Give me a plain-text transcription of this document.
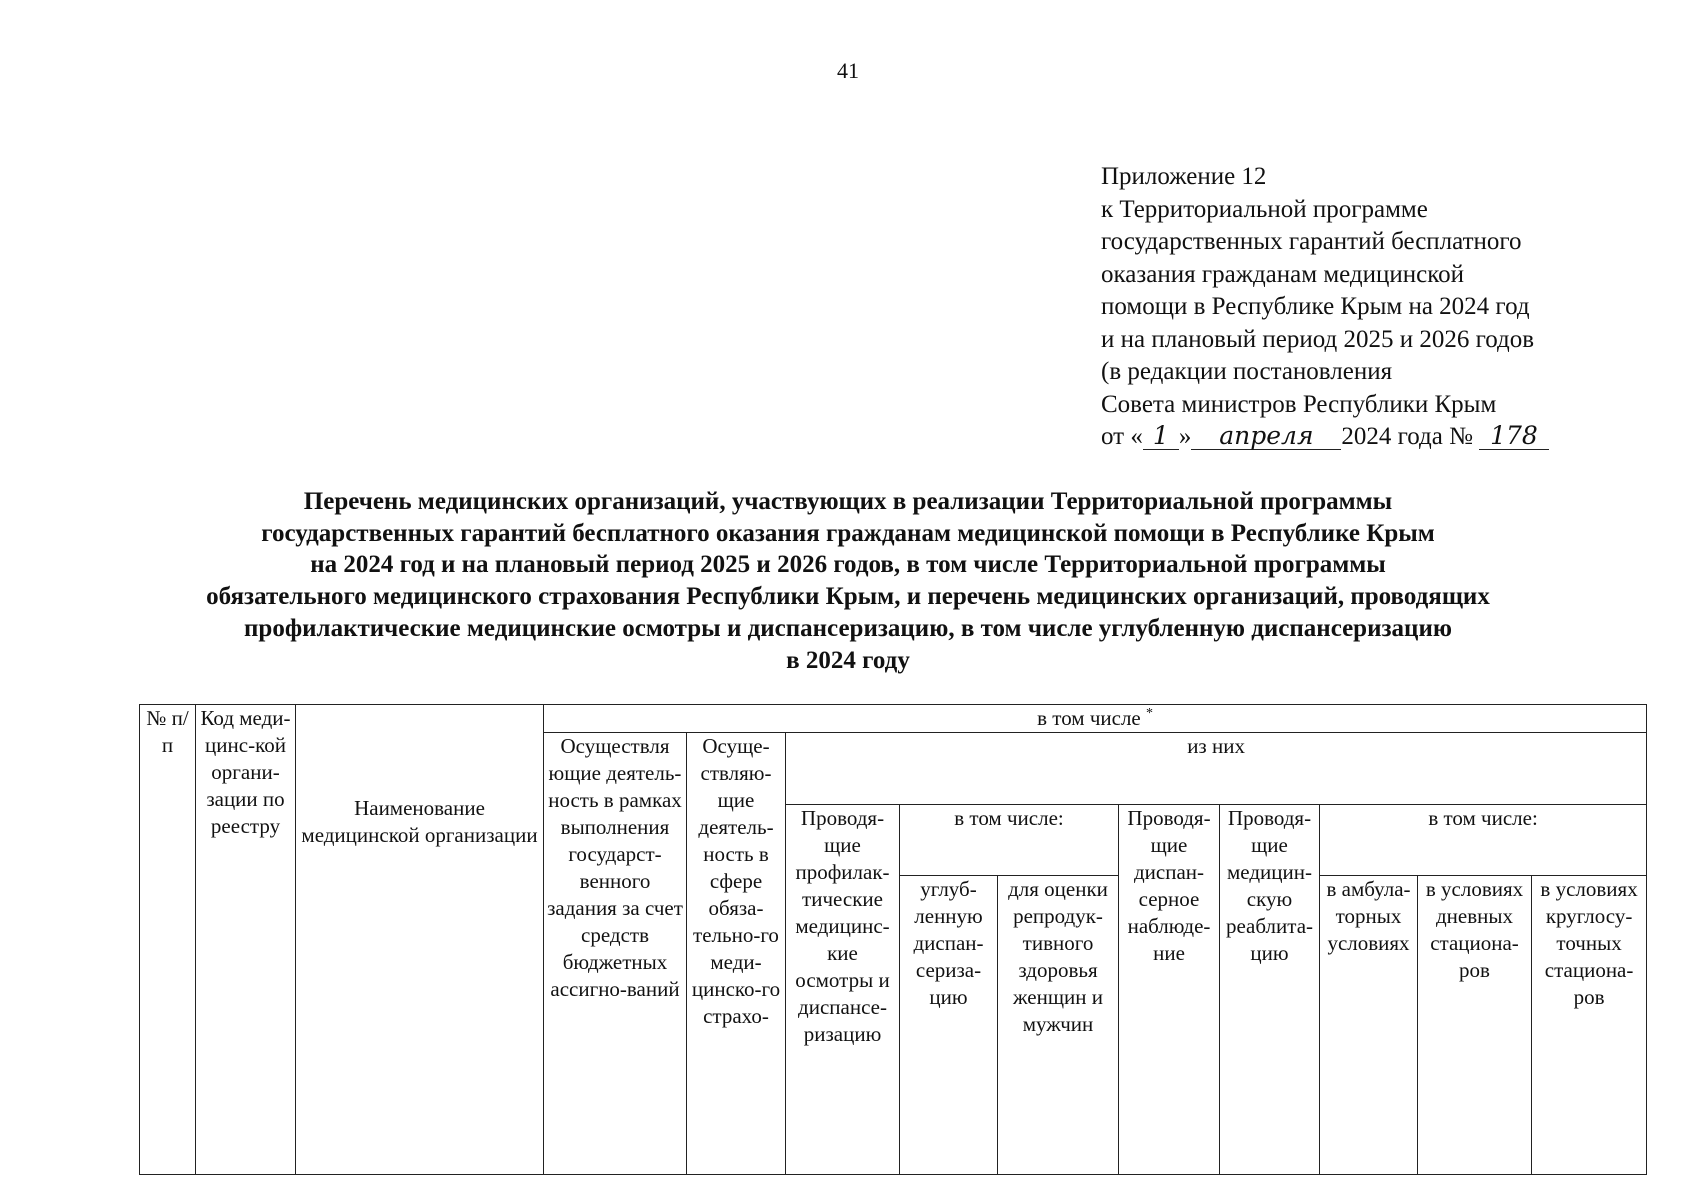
41
Приложение 12
к Территориальной программе
государственных гарантий бесплатного
оказания гражданам медицинской
помощи в Республике Крым на 2024 год
и на плановый период 2025 и 2026 годов
(в редакции постановления
Совета министров Республики Крым
от « 1 » апреля 2024 года № 178
Перечень медицинских организаций, участвующих в реализации Территориальной программы
государственных гарантий бесплатного оказания гражданам медицинской помощи в Республике Крым
на 2024 год и на плановый период 2025 и 2026 годов, в том числе Территориальной программы
обязательного медицинского страхования Республики Крым, и перечень медицинских организаций, проводящих
профилактические медицинские осмотры и диспансеризацию, в том числе углубленную диспансеризацию
в 2024 году
№ п/п	Код меди-цинс-кой органи-зации по реестру	Наименование медицинской организации	в том числе *
			Осуществля ющие деятель-ность в рамках выполнения государст-венного задания за счет средств бюджетных ассигно-ваний	Осуще-ствляю-щие деятель-ность в сфере обяза-тельно-го меди-цинско-го страхо-	из них							
					Проводя-щие профилак-тические медицинс-кие осмотры и диспансе-ризацию	в том числе:		Проводя-щие диспан-серное наблюде-ние	Проводя-щие медицин-скую реаблита-цию	в том числе:		
						углуб-ленную диспан-сериза-цию	для оценки репродук-тивного здоровья женщин и мужчин			в амбула-торных условиях	в условиях дневных стациона-ров	в условиях круглосу-точных стациона-ров
